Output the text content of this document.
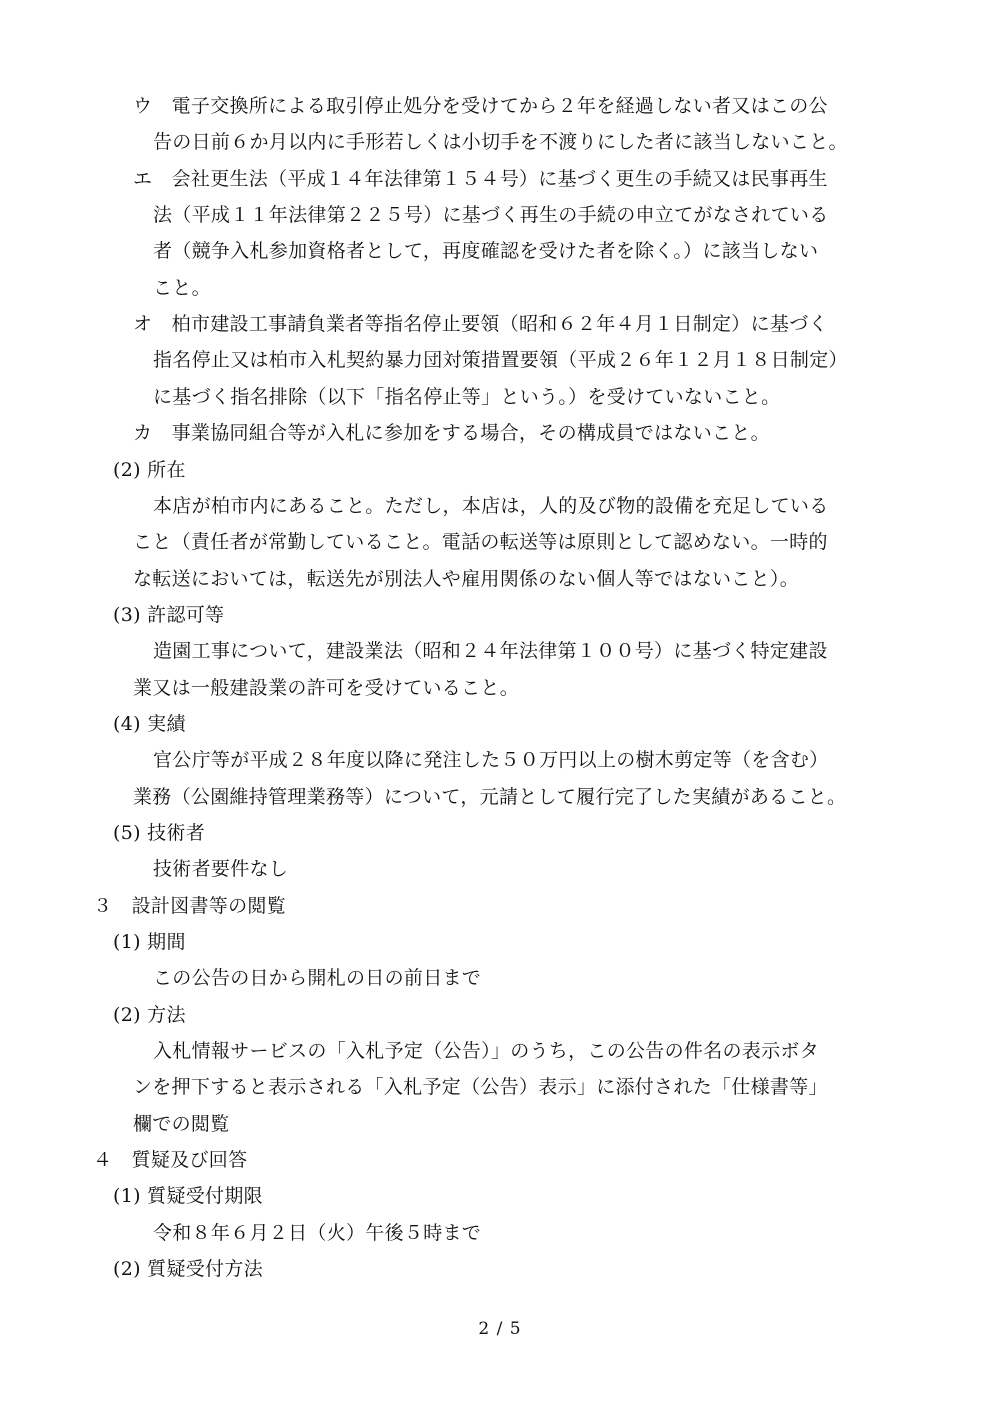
ウ　電子交換所による取引停止処分を受けてから２年を経過しない者又はこの公
告の日前６か月以内に手形若しくは小切手を不渡りにした者に該当しないこと。
エ　会社更生法（平成１４年法律第１５４号）に基づく更生の手続又は民事再生
法（平成１１年法律第２２５号）に基づく再生の手続の申立てがなされている
者（競争入札参加資格者として，再度確認を受けた者を除く。）に該当しない
こと。
オ　柏市建設工事請負業者等指名停止要領（昭和６２年４月１日制定）に基づく
指名停止又は柏市入札契約暴力団対策措置要領（平成２６年１２月１８日制定）
に基づく指名排除（以下「指名停止等」という。）を受けていないこと。
カ　事業協同組合等が入札に参加をする場合，その構成員ではないこと。
(2) 所在
本店が柏市内にあること。ただし，本店は，人的及び物的設備を充足している
こと（責任者が常勤していること。電話の転送等は原則として認めない。一時的
な転送においては，転送先が別法人や雇用関係のない個人等ではないこと）。
(3) 許認可等
造園工事について，建設業法（昭和２４年法律第１００号）に基づく特定建設
業又は一般建設業の許可を受けていること。
(4) 実績
官公庁等が平成２８年度以降に発注した５０万円以上の樹木剪定等（を含む）
業務（公園維持管理業務等）について，元請として履行完了した実績があること。
(5) 技術者
技術者要件なし
３　設計図書等の閲覧
(1) 期間
この公告の日から開札の日の前日まで
(2) 方法
入札情報サービスの「入札予定（公告）」のうち，この公告の件名の表示ボタ
ンを押下すると表示される「入札予定（公告）表示」に添付された「仕様書等」
欄での閲覧
４　質疑及び回答
(1) 質疑受付期限
令和８年６月２日（火）午後５時まで
(2) 質疑受付方法
2 / 5
